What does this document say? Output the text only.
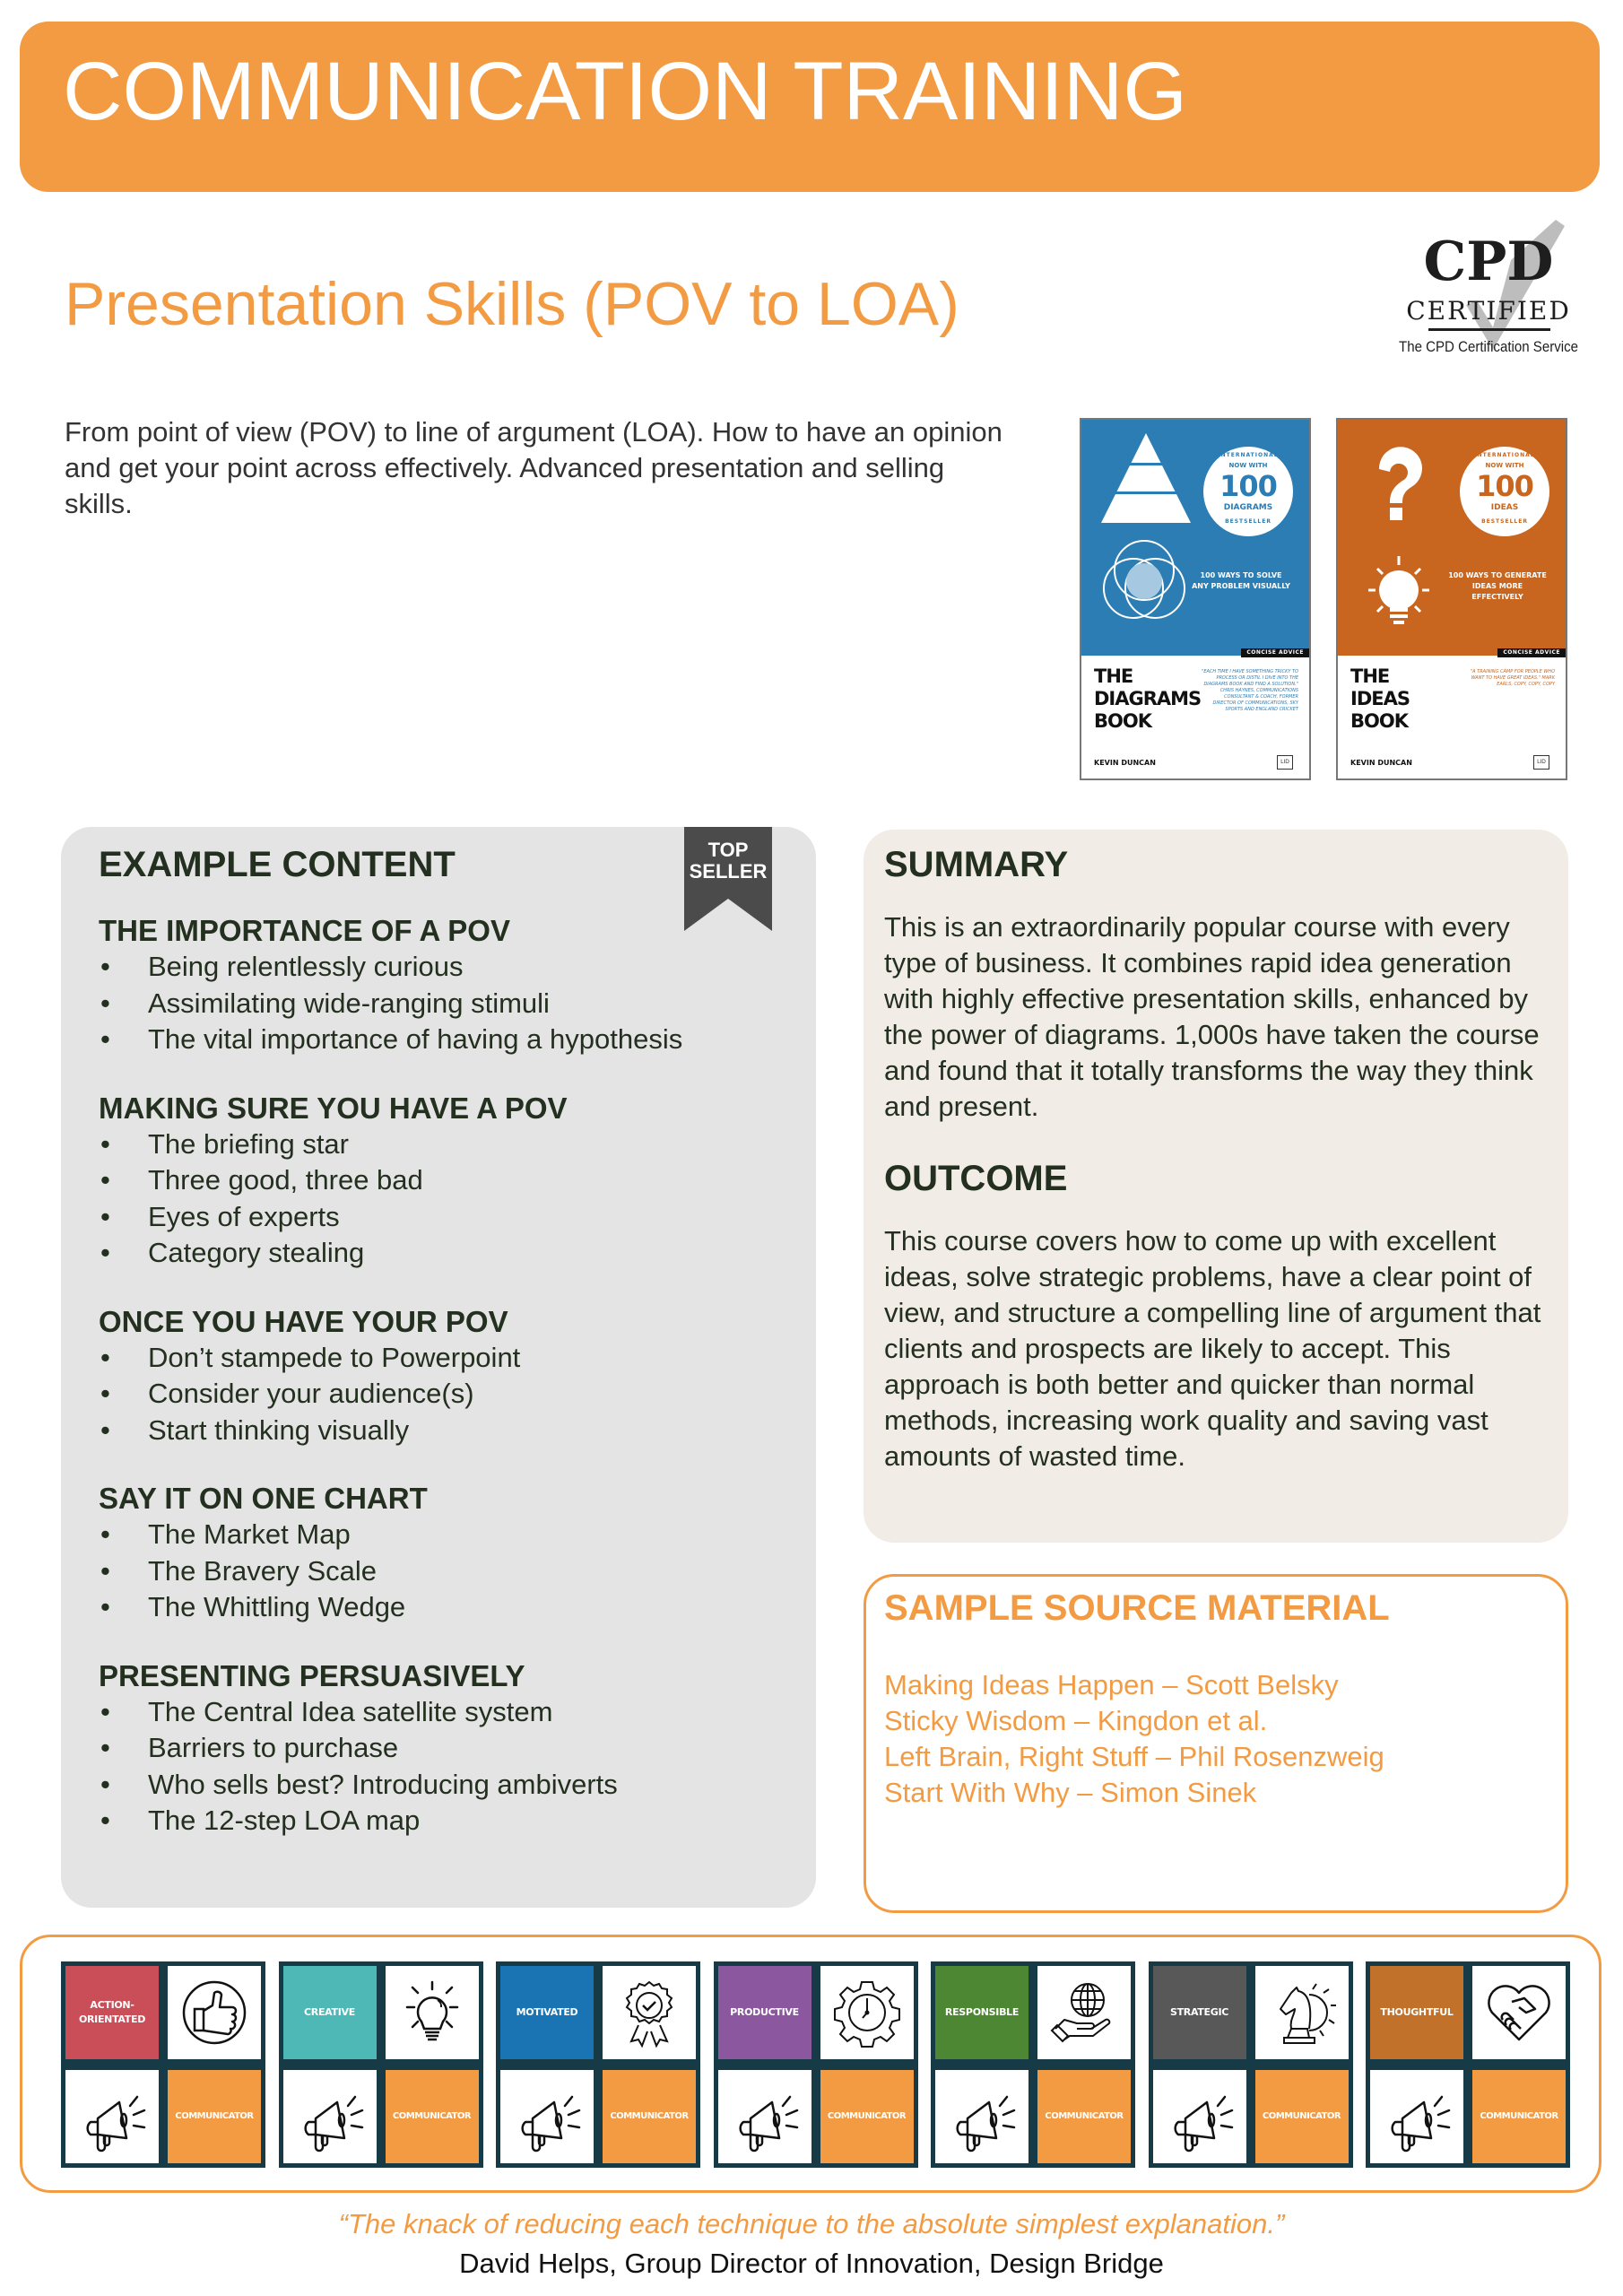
COMMUNICATION TRAINING
Presentation Skills (POV to LOA)
CPD
CERTIFIED
The CPD Certification Service

From point of view (POV) to line of argument (LOA). How to have an opinion and get your point across effectively. Advanced presentation and selling skills.

INTERNATIONAL
NOW WITH
100
DIAGRAMS
BESTSELLER
100 WAYS TO SOLVE ANY PROBLEM VISUALLY
CONCISE ADVICE
THE
DIAGRAMS
BOOK
"EACH TIME I HAVE SOMETHING TRICKY TO PROCESS OR DISTIL I DIVE INTO THE DIAGRAMS BOOK AND FIND A SOLUTION." CHRIS HAYNES, COMMUNICATIONS CONSULTANT & COACH, FORMER DIRECTOR OF COMMUNICATIONS, SKY SPORTS AND ENGLAND CRICKET
KEVIN DUNCAN	LID
INTERNATIONAL
NOW WITH
100
IDEAS
BESTSELLER
100 WAYS TO GENERATE IDEAS MORE EFFECTIVELY
CONCISE ADVICE
THE
IDEAS
BOOK
"A TRAINING CAMP FOR PEOPLE WHO WANT TO HAVE GREAT IDEAS." MARK EARLS, COPY, COPY, COPY
KEVIN DUNCAN	LID
TOP
SELLER
EXAMPLE CONTENT
THE IMPORTANCE OF A POV
• Being relentlessly curious
• Assimilating wide-ranging stimuli
• The vital importance of having a hypothesis
MAKING SURE YOU HAVE A POV
• The briefing star
• Three good, three bad
• Eyes of experts
• Category stealing
ONCE YOU HAVE YOUR POV
• Don’t stampede to Powerpoint
• Consider your audience(s)
• Start thinking visually
SAY IT ON ONE CHART
• The Market Map
• The Bravery Scale
• The Whittling Wedge
PRESENTING PERSUASIVELY
• The Central Idea satellite system
• Barriers to purchase
• Who sells best? Introducing ambiverts
• The 12-step LOA map
SUMMARY

This is an extraordinarily popular course with every type of business. It combines rapid idea generation with highly effective presentation skills, enhanced by the power of diagrams. 1,000s have taken the course and found that it totally transforms the way they think and present.

OUTCOME

This course covers how to come up with excellent ideas, solve strategic problems, have a clear point of view, and structure a compelling line of argument that clients and prospects are likely to accept. This approach is both better and quicker than normal methods, increasing work quality and saving vast amounts of wasted time.

SAMPLE SOURCE MATERIAL
Making Ideas Happen – Scott Belsky
Sticky Wisdom – Kingdon et al.
Left Brain, Right Stuff – Phil Rosenzweig
Start With Why – Simon Sinek
ACTION-ORIENTATED
COMMUNICATOR
CREATIVE
COMMUNICATOR
MOTIVATED
COMMUNICATOR
PRODUCTIVE
COMMUNICATOR
RESPONSIBLE
COMMUNICATOR
STRATEGIC
COMMUNICATOR
THOUGHTFUL
COMMUNICATOR
“The knack of reducing each technique to the absolute simplest explanation.”
David Helps, Group Director of Innovation, Design Bridge
